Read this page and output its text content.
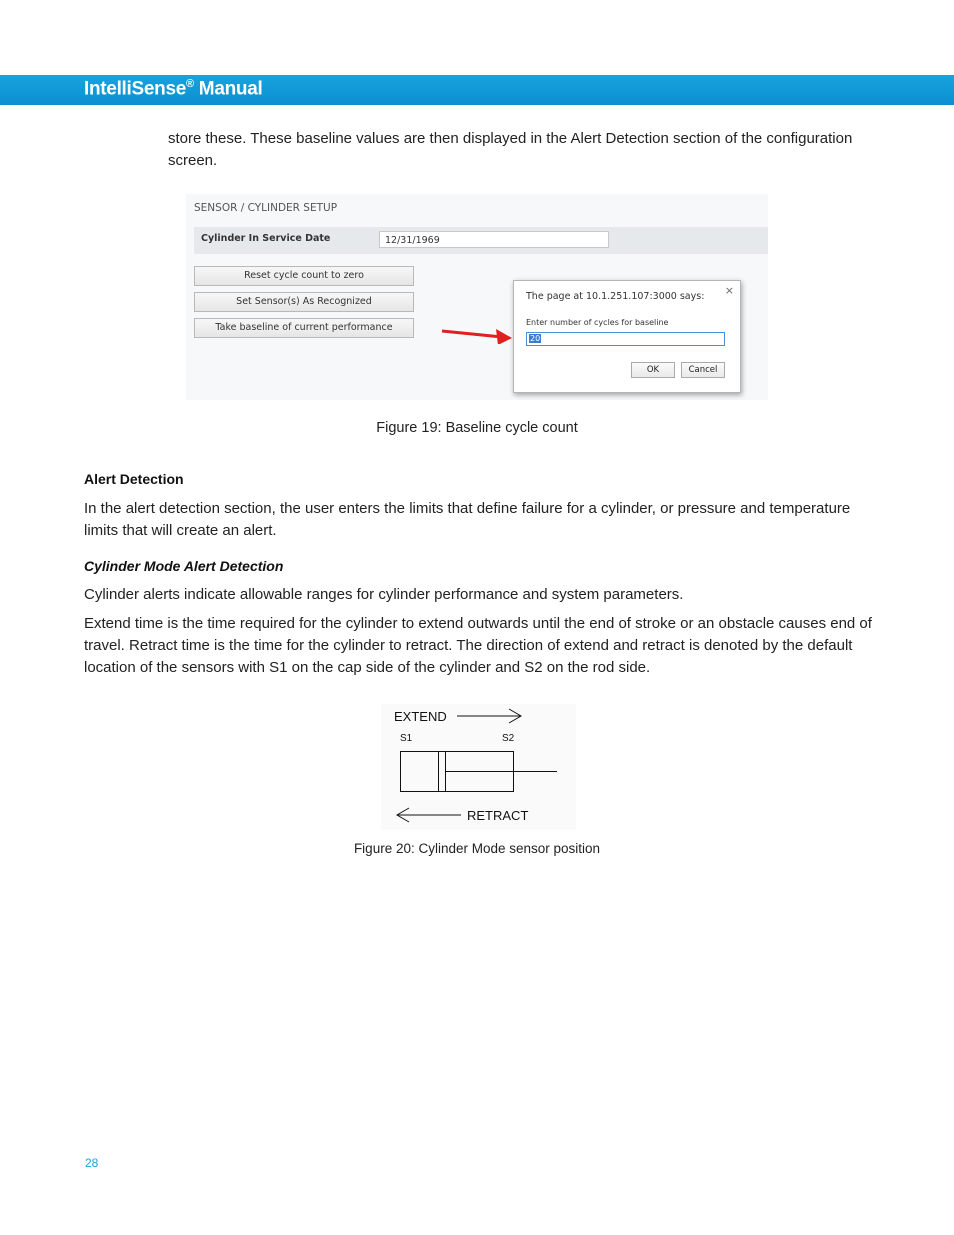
IntelliSense® Manual
store these. These baseline values are then displayed in the Alert Detection section of the configuration screen.
SENSOR / CYLINDER SETUP
Cylinder In Service Date	12/31/1969
Reset cycle count to zero
Set Sensor(s) As Recognized
Take baseline of current performance
The page at 10.1.251.107:3000 says: ×
Enter number of cycles for baseline
20
OK	Cancel
Figure 19: Baseline cycle count
Alert Detection
In the alert detection section, the user enters the limits that define failure for a cylinder, or pressure and temperature limits that will create an alert.
Cylinder Mode Alert Detection
Cylinder alerts indicate allowable ranges for cylinder performance and system parameters.
Extend time is the time required for the cylinder to extend outwards until the end of stroke or an obstacle causes end of travel. Retract time is the time for the cylinder to retract. The direction of extend and retract is denoted by the default location of the sensors with S1 on the cap side of the cylinder and S2 on the rod side.
EXTEND
S1	S2
RETRACT
Figure 20: Cylinder Mode sensor position
28
